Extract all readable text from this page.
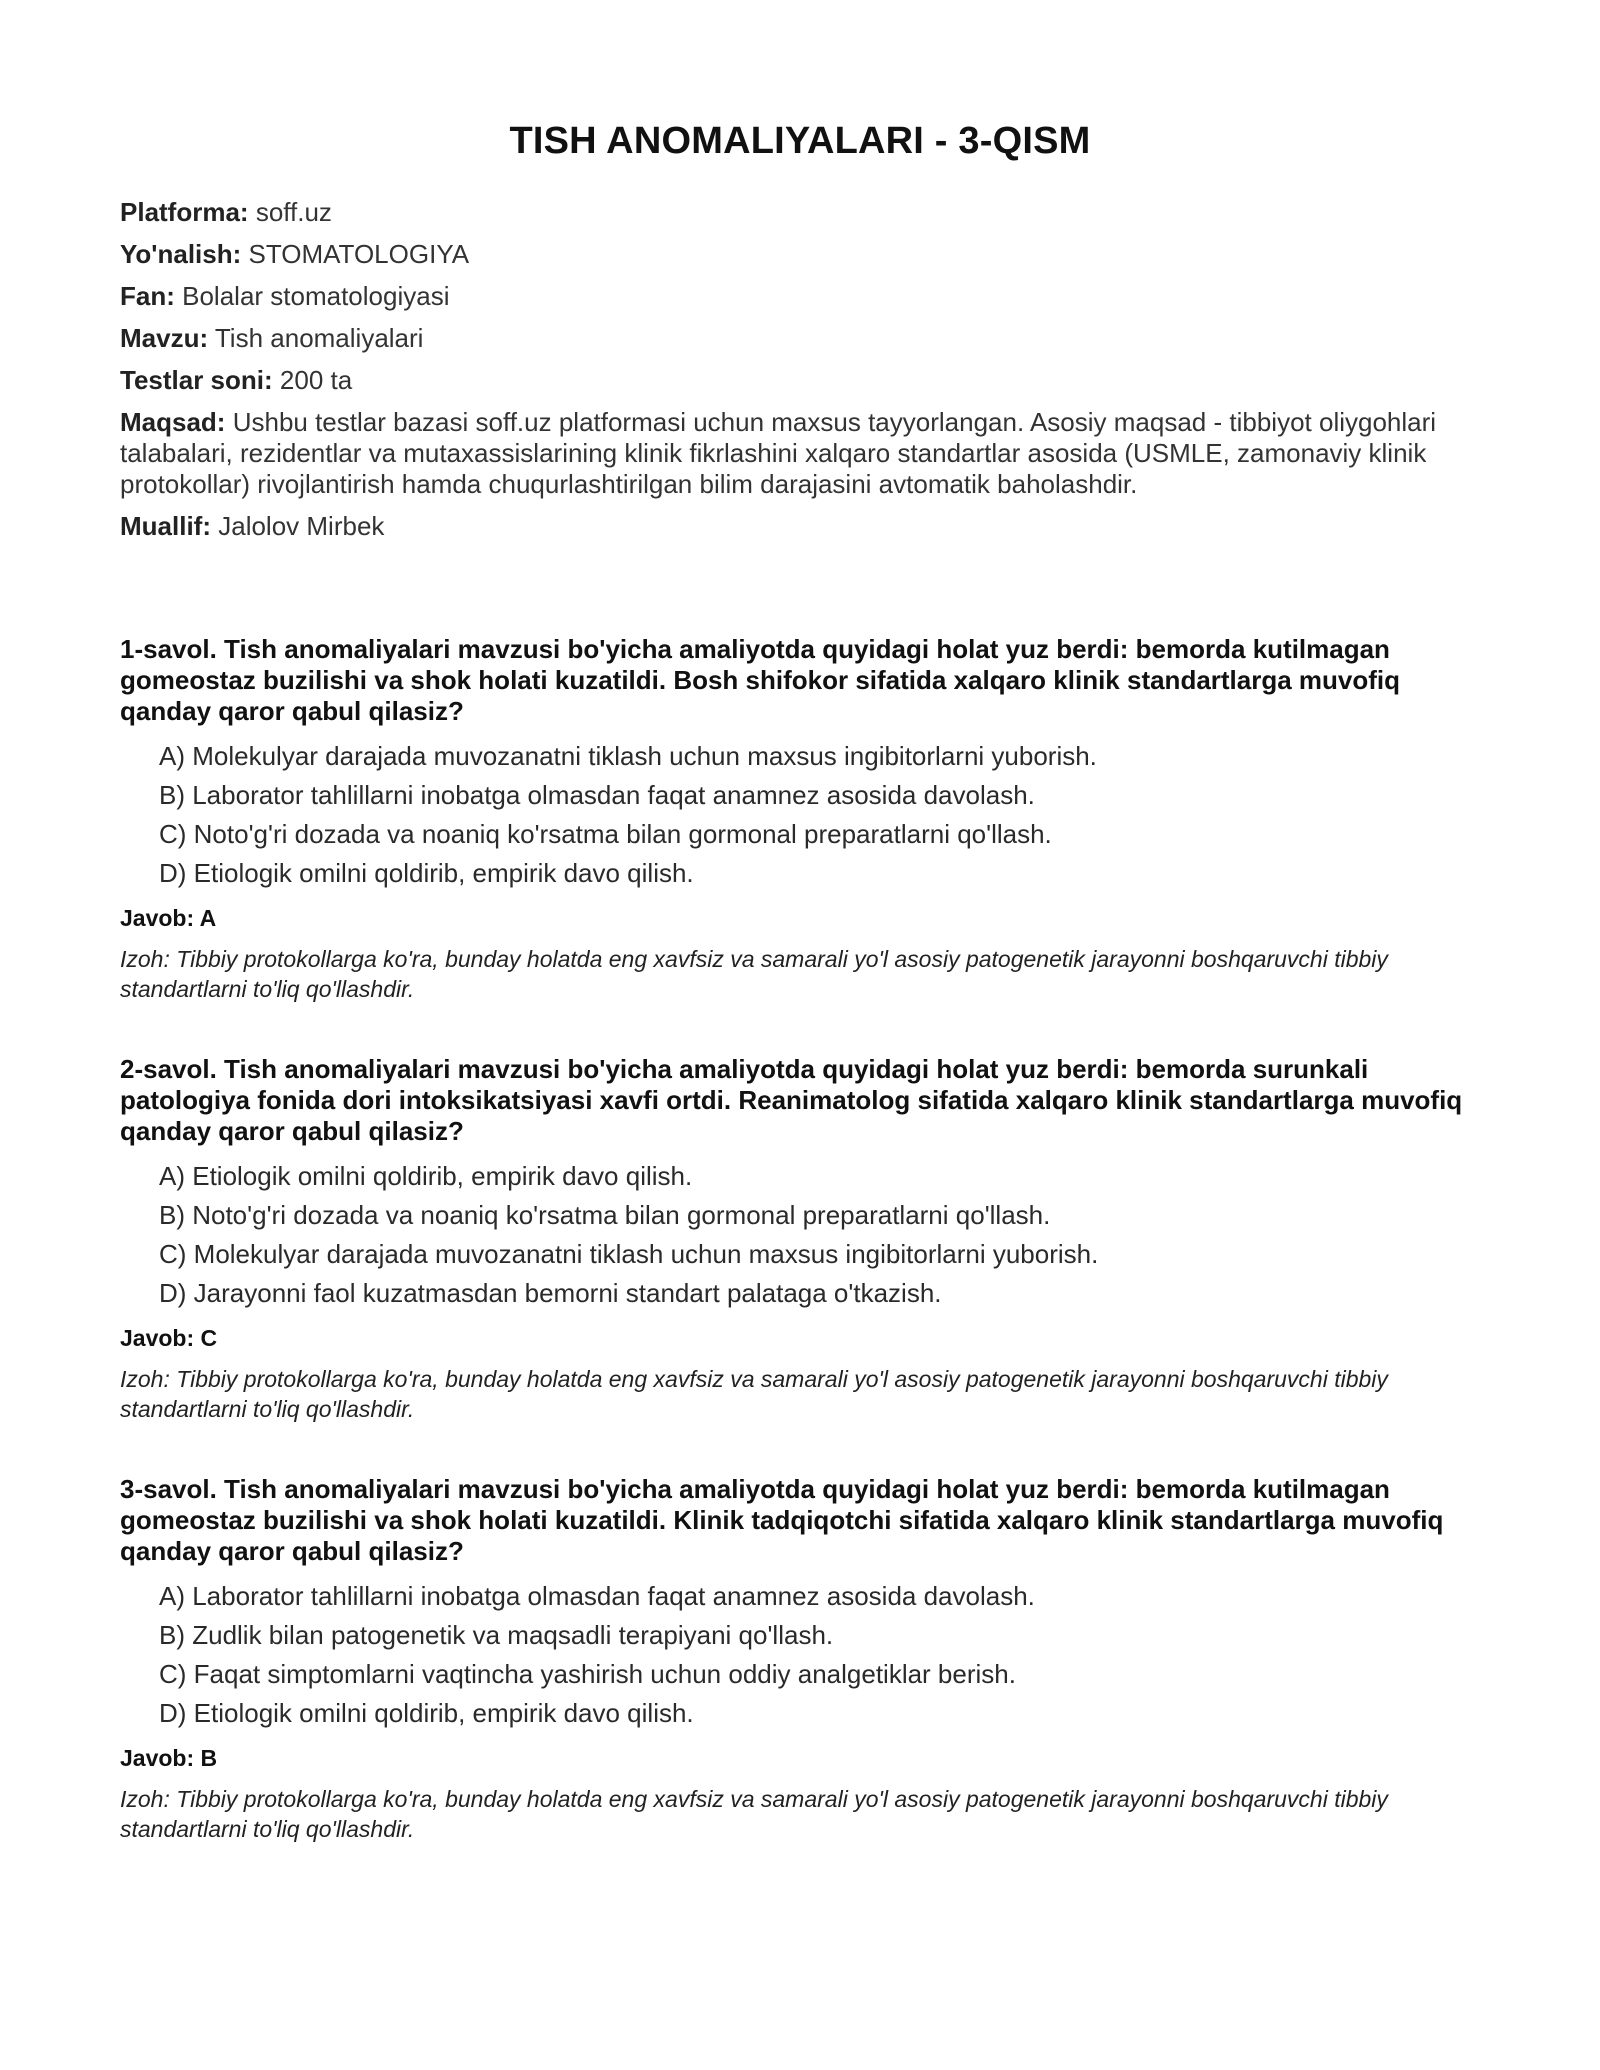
TISH ANOMALIYALARI - 3-QISM

Platforma: soff.uz

Yo'nalish: STOMATOLOGIYA

Fan: Bolalar stomatologiyasi

Mavzu: Tish anomaliyalari

Testlar soni: 200 ta

Maqsad: Ushbu testlar bazasi soff.uz platformasi uchun maxsus tayyorlangan. Asosiy maqsad - tibbiyot oliygohlari talabalari, rezidentlar va mutaxassislarining klinik fikrlashini xalqaro standartlar asosida (USMLE, zamonaviy klinik protokollar) rivojlantirish hamda chuqurlashtirilgan bilim darajasini avtomatik baholashdir.

Muallif: Jalolov Mirbek

1-savol. Tish anomaliyalari mavzusi bo'yicha amaliyotda quyidagi holat yuz berdi: bemorda kutilmagan gomeostaz buzilishi va shok holati kuzatildi. Bosh shifokor sifatida xalqaro klinik standartlarga muvofiq qanday qaror qabul qilasiz?

A) Molekulyar darajada muvozanatni tiklash uchun maxsus ingibitorlarni yuborish.
B) Laborator tahlillarni inobatga olmasdan faqat anamnez asosida davolash.
C) Noto'g'ri dozada va noaniq ko'rsatma bilan gormonal preparatlarni qo'llash.
D) Etiologik omilni qoldirib, empirik davo qilish.

Javob: A

Izoh: Tibbiy protokollarga ko'ra, bunday holatda eng xavfsiz va samarali yo'l asosiy patogenetik jarayonni boshqaruvchi tibbiy standartlarni to'liq qo'llashdir.

2-savol. Tish anomaliyalari mavzusi bo'yicha amaliyotda quyidagi holat yuz berdi: bemorda surunkali patologiya fonida dori intoksikatsiyasi xavfi ortdi. Reanimatolog sifatida xalqaro klinik standartlarga muvofiq qanday qaror qabul qilasiz?

A) Etiologik omilni qoldirib, empirik davo qilish.
B) Noto'g'ri dozada va noaniq ko'rsatma bilan gormonal preparatlarni qo'llash.
C) Molekulyar darajada muvozanatni tiklash uchun maxsus ingibitorlarni yuborish.
D) Jarayonni faol kuzatmasdan bemorni standart palataga o'tkazish.

Javob: C

Izoh: Tibbiy protokollarga ko'ra, bunday holatda eng xavfsiz va samarali yo'l asosiy patogenetik jarayonni boshqaruvchi tibbiy standartlarni to'liq qo'llashdir.

3-savol. Tish anomaliyalari mavzusi bo'yicha amaliyotda quyidagi holat yuz berdi: bemorda kutilmagan gomeostaz buzilishi va shok holati kuzatildi. Klinik tadqiqotchi sifatida xalqaro klinik standartlarga muvofiq qanday qaror qabul qilasiz?

A) Laborator tahlillarni inobatga olmasdan faqat anamnez asosida davolash.
B) Zudlik bilan patogenetik va maqsadli terapiyani qo'llash.
C) Faqat simptomlarni vaqtincha yashirish uchun oddiy analgetiklar berish.
D) Etiologik omilni qoldirib, empirik davo qilish.

Javob: B

Izoh: Tibbiy protokollarga ko'ra, bunday holatda eng xavfsiz va samarali yo'l asosiy patogenetik jarayonni boshqaruvchi tibbiy standartlarni to'liq qo'llashdir.
